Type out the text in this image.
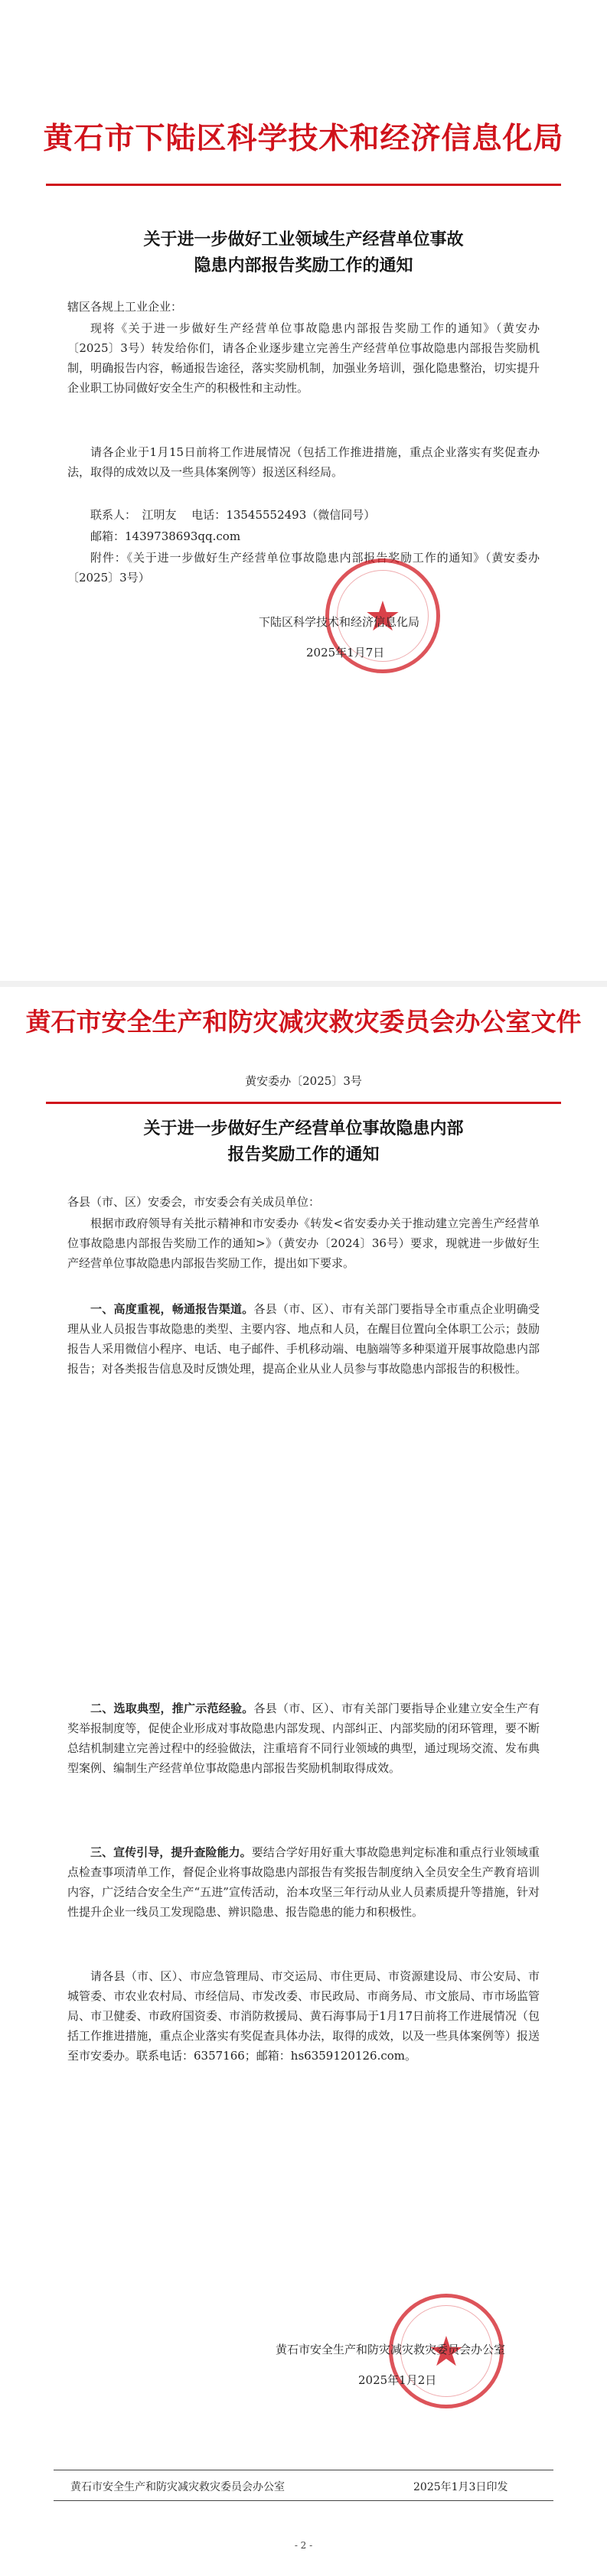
黄石市下陆区科学技术和经济信息化局
关于进一步做好工业领域生产经营单位事故
隐患内部报告奖励工作的通知
辖区各规上工业企业：
现将《关于进一步做好生产经营单位事故隐患内部报告奖励工作的通知》（黄安办〔2025〕3号）转发给你们，请各企业逐步建立完善生产经营单位事故隐患内部报告奖励机制，明确报告内容，畅通报告途径，落实奖励机制，加强业务培训，强化隐患整治，切实提升企业职工协同做好安全生产的积极性和主动性。
请各企业于1月15日前将工作进展情况（包括工作推进措施，重点企业落实有奖促查办法，取得的成效以及一些具体案例等）报送区科经局。
联系人：　江明友　 电话：13545552493（微信同号）
邮箱：1439738693qq.com
附件：《关于进一步做好生产经营单位事故隐患内部报告奖励工作的通知》（黄安委办〔2025〕3号）
★
下陆区科学技术和经济信息化局
2025年1月7日
黄石市安全生产和防灾减灾救灾委员会办公室文件
黄安委办〔2025〕3号
关于进一步做好生产经营单位事故隐患内部
报告奖励工作的通知
各县（市、区）安委会，市安委会有关成员单位：
根据市政府领导有关批示精神和市安委办《转发<省安委办关于推动建立完善生产经营单位事故隐患内部报告奖励工作的通知>》（黄安办〔2024〕36号）要求，现就进一步做好生产经营单位事故隐患内部报告奖励工作，提出如下要求。
一、高度重视，畅通报告渠道。各县（市、区）、市有关部门要指导全市重点企业明确受理从业人员报告事故隐患的类型、主要内容、地点和人员，在醒目位置向全体职工公示；鼓励报告人采用微信小程序、电话、电子邮件、手机移动端、电脑端等多种渠道开展事故隐患内部报告；对各类报告信息及时反馈处理，提高企业从业人员参与事故隐患内部报告的积极性。
二、选取典型，推广示范经验。各县（市、区）、市有关部门要指导企业建立安全生产有奖举报制度等，促使企业形成对事故隐患内部发现、内部纠正、内部奖励的闭环管理，要不断总结机制建立完善过程中的经验做法，注重培育不同行业领域的典型，通过现场交流、发布典型案例、编制生产经营单位事故隐患内部报告奖励机制取得成效。
三、宣传引导，提升查险能力。要结合学好用好重大事故隐患判定标准和重点行业领域重点检查事项清单工作，督促企业将事故隐患内部报告有奖报告制度纳入全员安全生产教育培训内容，广泛结合安全生产“五进”宣传活动，治本攻坚三年行动从业人员素质提升等措施，针对性提升企业一线员工发现隐患、辨识隐患、报告隐患的能力和积极性。
请各县（市、区）、市应急管理局、市交运局、市住更局、市资源建设局、市公安局、市城管委、市农业农村局、市经信局、市发改委、市民政局、市商务局、市文旅局、市市场监管局、市卫健委、市政府国资委、市消防救援局、黄石海事局于1月17日前将工作进展情况（包括工作推进措施，重点企业落实有奖促查具体办法，取得的成效，以及一些具体案例等）报送至市安委办。联系电话：6357166；邮箱：hs6359120126.com。
★
黄石市安全生产和防灾减灾救灾委员会办公室
2025年1月2日
黄石市安全生产和防灾减灾救灾委员会办公室	2025年1月3日印发
- 2 -
